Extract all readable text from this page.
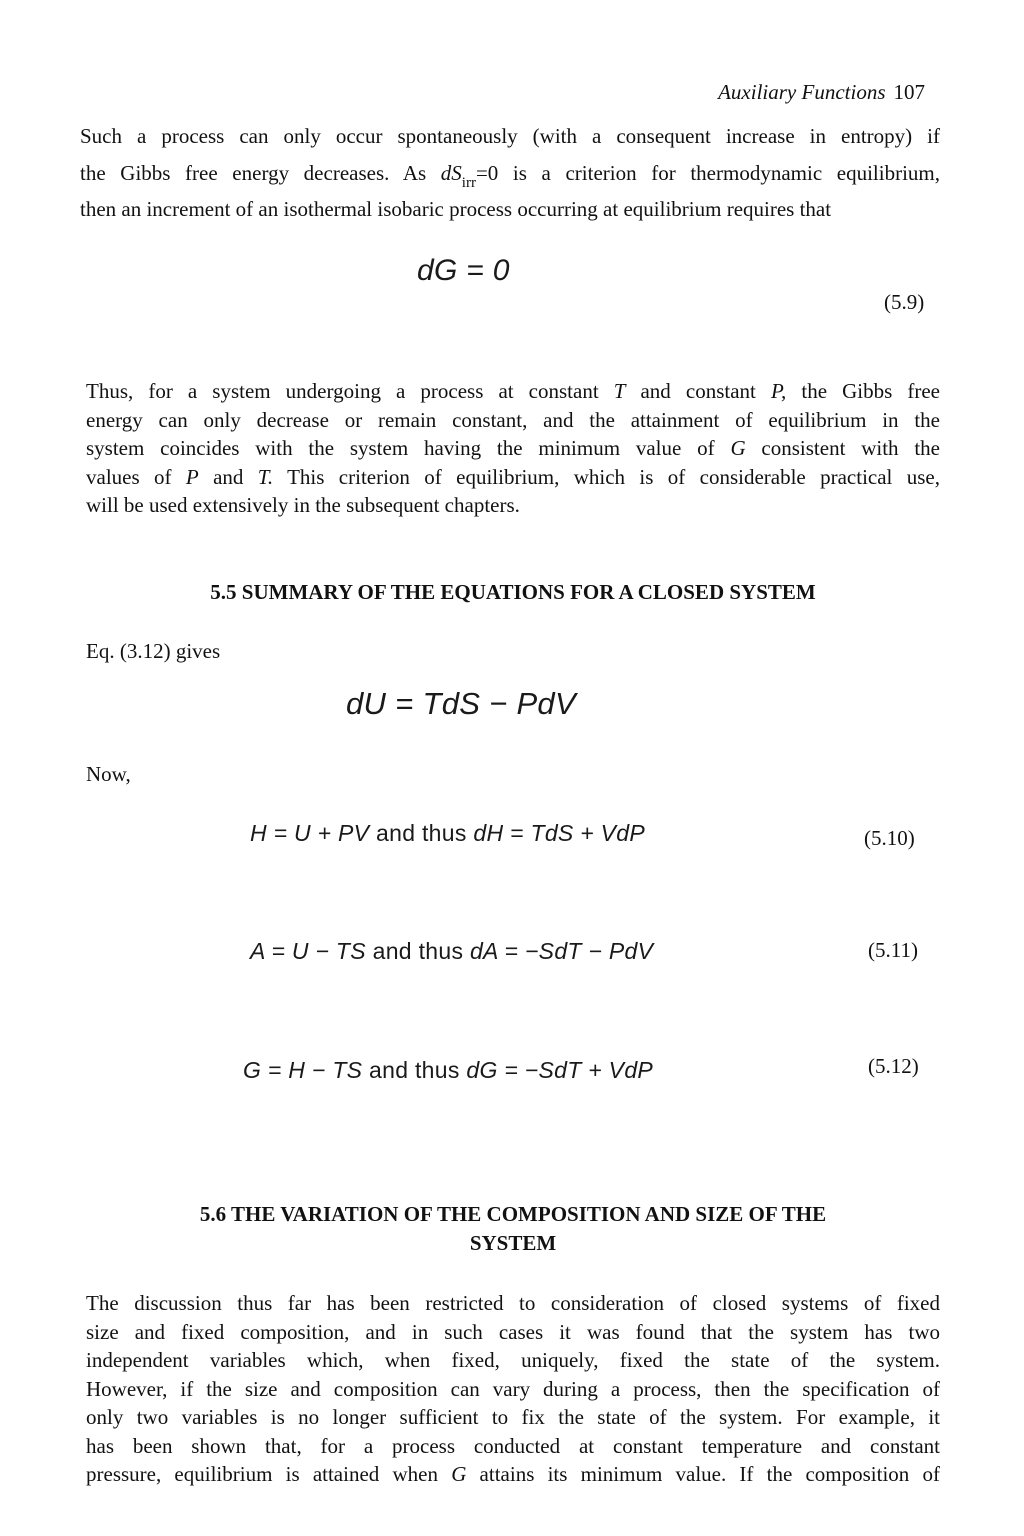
Auxiliary Functions 107
Such a process can only occur spontaneously (with a consequent increase in entropy) if
the Gibbs free energy decreases. As $dS_{irr}=0$ is a criterion for thermodynamic equilibrium,
then an increment of an isothermal isobaric process occurring at equilibrium requires that
dG = 0
(5.9)
Thus, for a system undergoing a process at constant T and constant P, the Gibbs free
energy can only decrease or remain constant, and the attainment of equilibrium in the
system coincides with the system having the minimum value of G consistent with the
values of P and T. This criterion of equilibrium, which is of considerable practical use,
will be used extensively in the subsequent chapters.
5.5 SUMMARY OF THE EQUATIONS FOR A CLOSED SYSTEM
Eq. (3.12) gives
dU = TdS − PdV
Now,
H = U + PV and thus dH = TdS + VdP	(5.10)
A = U − TS and thus dA = −SdT − PdV	(5.11)
G = H − TS and thus dG = −SdT + VdP	(5.12)
5.6 THE VARIATION OF THE COMPOSITION AND SIZE OF THE
SYSTEM
The discussion thus far has been restricted to consideration of closed systems of fixed
size and fixed composition, and in such cases it was found that the system has two
independent variables which, when fixed, uniquely, fixed the state of the system.
However, if the size and composition can vary during a process, then the specification of
only two variables is no longer sufficient to fix the state of the system. For example, it
has been shown that, for a process conducted at constant temperature and constant
pressure, equilibrium is attained when G attains its minimum value. If the composition of
